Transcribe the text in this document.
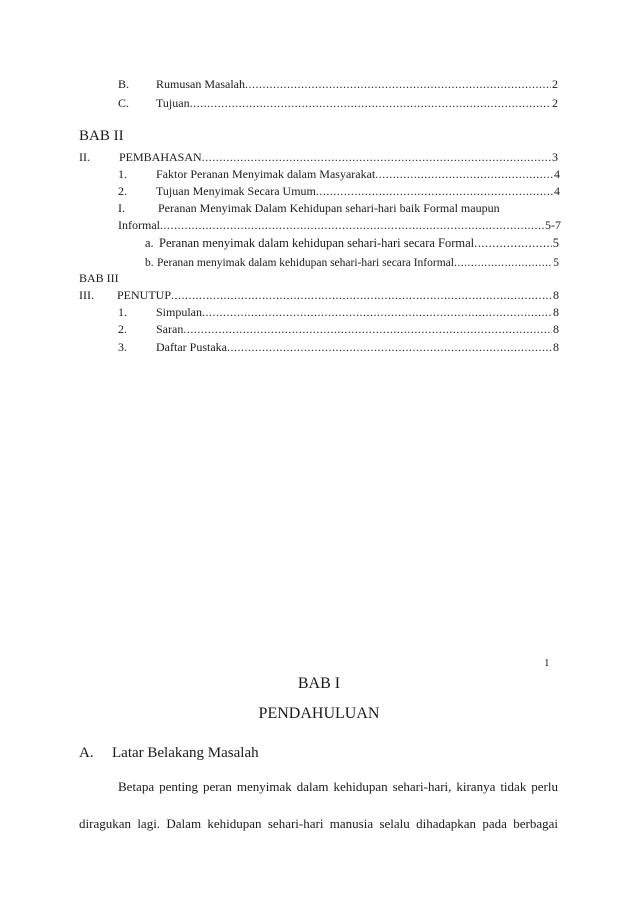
B.	Rumusan Masalah .....	2
C.	Tujuan .....	2
BAB II
II.	PEMBAHASAN .....	3
1.	Faktor Peranan Menyimak dalam Masyarakat .....	4
2.	Tujuan Menyimak Secara Umum .....	4
I.	Peranan Menyimak Dalam Kehidupan sehari-hari baik Formal maupun
Informal .....	5-7
a. Peranan menyimak dalam kehidupan sehari-hari secara Formal .....	5
b. Peranan menyimak dalam kehidupan sehari-hari secara Informal .....	5
BAB III
III.	PENUTUP .....	8
1.	Simpulan .....	8
2.	Saran .....	8
3.	Daftar Pustaka .....	8
1
BAB I
PENDAHULUAN
A. Latar Belakang Masalah
Betapa penting peran menyimak dalam kehidupan sehari-hari, kiranya tidak perlu
diragukan lagi. Dalam kehidupan sehari-hari manusia selalu dihadapkan pada berbagai
